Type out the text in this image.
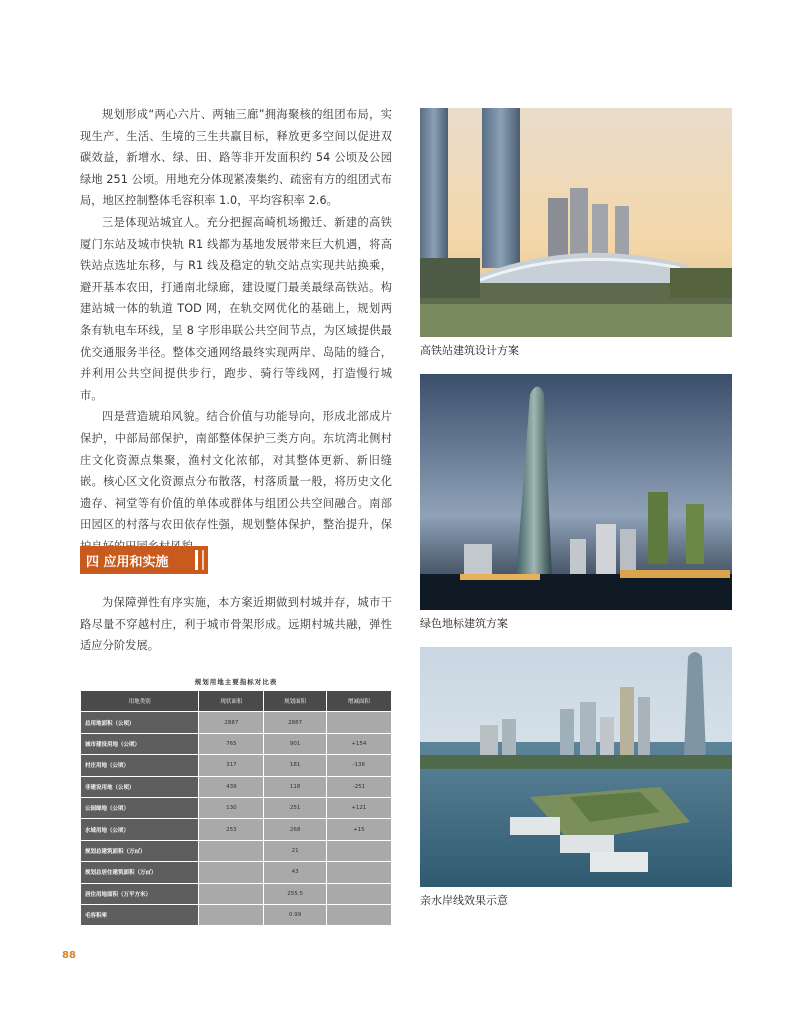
规划形成“两心六片、两轴三廊”拥海聚核的组团布局，实现生产、生活、生境的三生共赢目标，释放更多空间以促进双碳效益，新增水、绿、田、路等非开发面积约 54 公顷及公园绿地 251 公顷。用地充分体现紧凑集约、疏密有方的组团式布局，地区控制整体毛容积率 1.0，平均容积率 2.6。

三是体现站城宜人。充分把握高崎机场搬迁、新建的高铁厦门东站及城市快轨 R1 线都为基地发展带来巨大机遇，将高铁站点选址东移，与 R1 线及稳定的轨交站点实现共站换乘，避开基本农田，打通南北绿廊，建设厦门最美最绿高铁站。构建站城一体的轨道 TOD 网，在轨交网优化的基础上，规划两条有轨电车环线，呈 8 字形串联公共空间节点，为区域提供最优交通服务半径。整体交通网络最终实现两岸、岛陆的缝合，并利用公共空间提供步行，跑步、骑行等线网，打造慢行城市。

四是营造琥珀风貌。结合价值与功能导向，形成北部成片保护，中部局部保护，南部整体保护三类方向。东坑湾北侧村庄文化资源点集聚，渔村文化浓郁，对其整体更新、新旧缝嵌。核心区文化资源点分布散落，村落质量一般，将历史文化遗存、祠堂等有价值的单体或群体与组团公共空间融合。南部田园区的村落与农田依存性强，规划整体保护，整治提升，保

四 应用和实施

为保障弹性有序实施，本方案近期做到村城并存，城市干路尽量不穿越村庄，利于城市骨架形成。远期村城共融，弹性适应分阶发展。

规划用地主要指标对比表
用地类别	现状面积	规划面积	增减面积
总用地面积（公顷）	2887	2887	
城市建设用地（公顷）	765	901	+154
村庄用地（公顷）	317	181	-136
非建设用地（公顷）	439	118	-251
公园绿地（公顷）	130	251	+121
水域用地（公顷）	253	268	+15
规划总建筑面积（万㎡）		21	
规划总居住建筑面积（万㎡）		43	
居住用地面积（万平方米）		255.5	
毛容积率		0.99	
高铁站建筑设计方案
绿色地标建筑方案
亲水岸线效果示意
88
